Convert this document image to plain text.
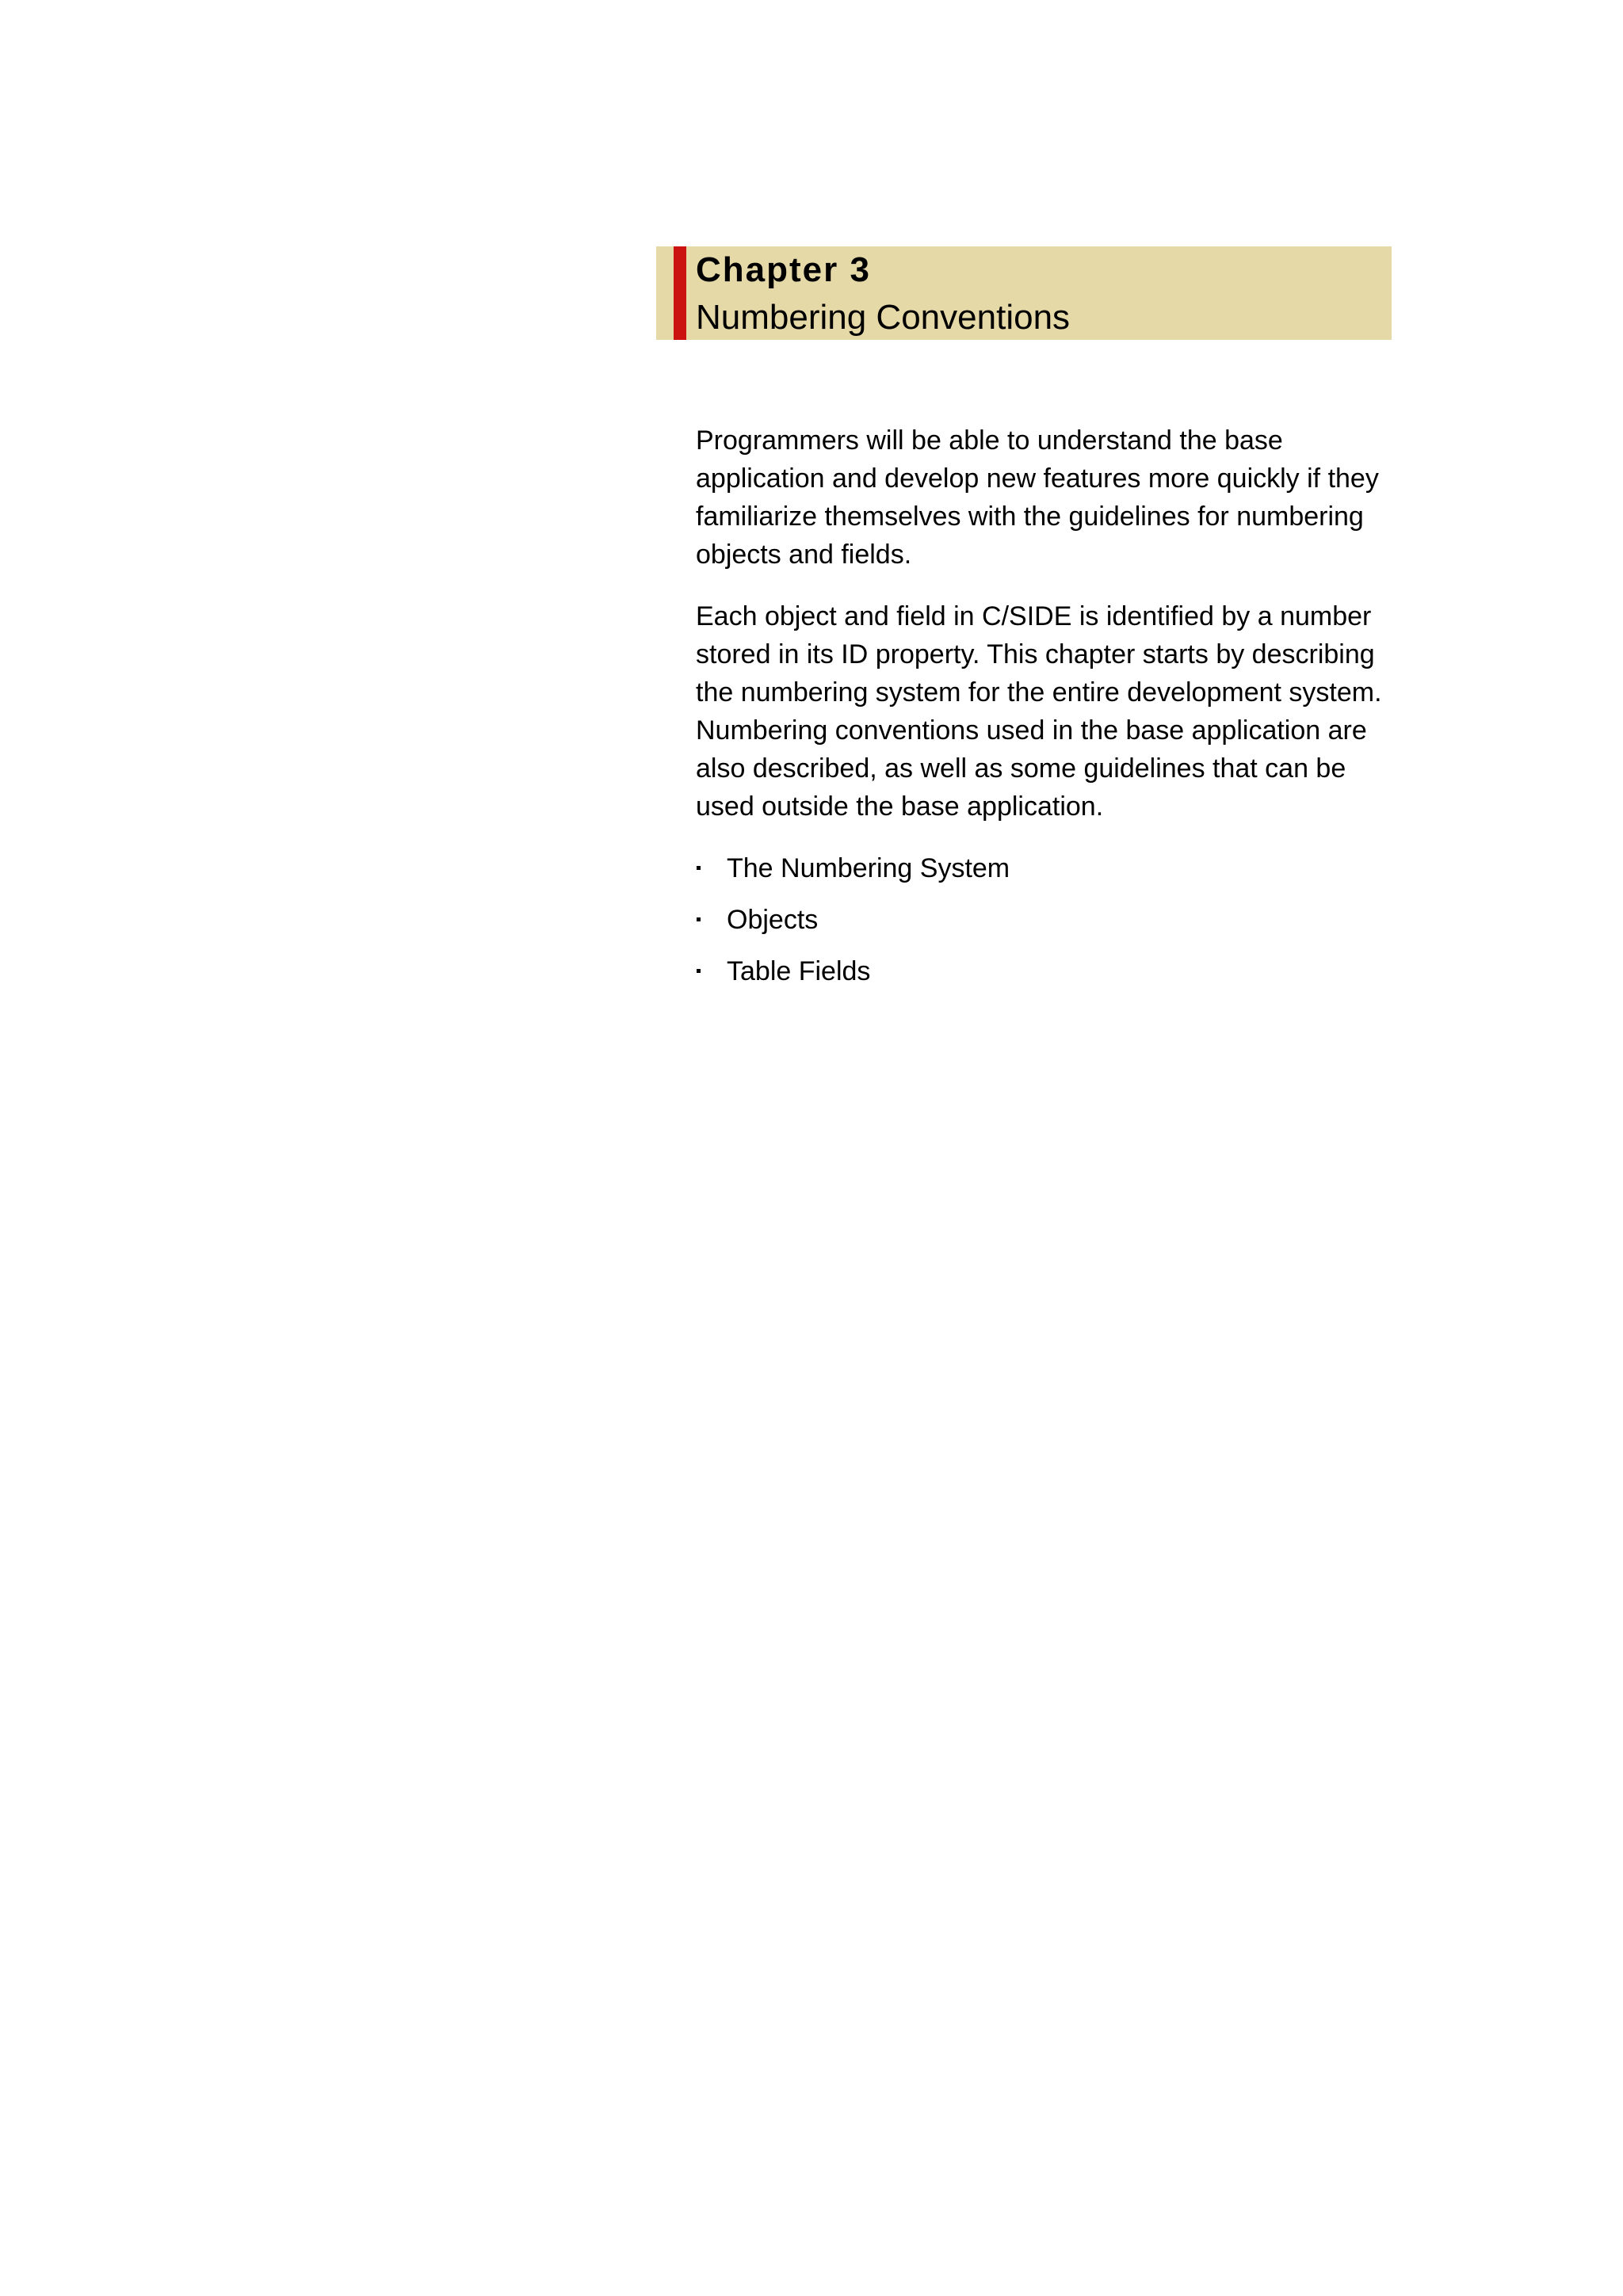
Chapter 3
Numbering Conventions

Programmers will be able to understand the base application and develop new features more quickly if they familiarize themselves with the guidelines for numbering objects and fields.

Each object and field in C/SIDE is identified by a number stored in its ID property. This chapter starts by describing the numbering system for the entire development system. Numbering conventions used in the base application are also described, as well as some guidelines that can be used outside the base application.

The Numbering System
Objects
Table Fields
